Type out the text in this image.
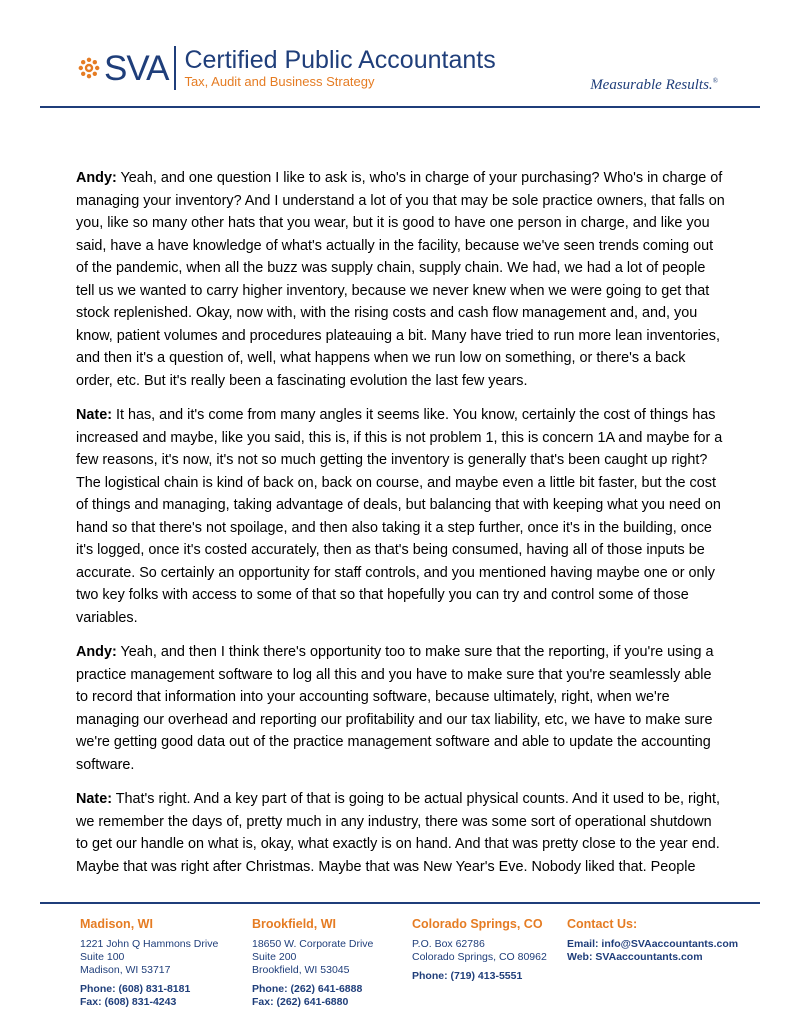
SVA Certified Public Accountants
Tax, Audit and Business Strategy	Measurable Results.®

Andy: Yeah, and one question I like to ask is, who's in charge of your purchasing? Who's in charge of managing your inventory? And I understand a lot of you that may be sole practice owners, that falls on you, like so many other hats that you wear, but it is good to have one person in charge, and like you said, have a have knowledge of what's actually in the facility, because we've seen trends coming out of the pandemic, when all the buzz was supply chain, supply chain. We had, we had a lot of people tell us we wanted to carry higher inventory, because we never knew when we were going to get that stock replenished. Okay, now with, with the rising costs and cash flow management and, and, you know, patient volumes and procedures plateauing a bit. Many have tried to run more lean inventories, and then it's a question of, well, what happens when we run low on something, or there's a back order, etc. But it's really been a fascinating evolution the last few years.

Nate: It has, and it's come from many angles it seems like. You know, certainly the cost of things has increased and maybe, like you said, this is, if this is not problem 1, this is concern 1A and maybe for a few reasons, it's now, it's not so much getting the inventory is generally that's been caught up right? The logistical chain is kind of back on, back on course, and maybe even a little bit faster, but the cost of things and managing, taking advantage of deals, but balancing that with keeping what you need on hand so that there's not spoilage, and then also taking it a step further, once it's in the building, once it's logged, once it's costed accurately, then as that's being consumed, having all of those inputs be accurate. So certainly an opportunity for staff controls, and you mentioned having maybe one or only two key folks with access to some of that so that hopefully you can try and control some of those variables.

Andy: Yeah, and then I think there's opportunity too to make sure that the reporting, if you're using a practice management software to log all this and you have to make sure that you're seamlessly able to record that information into your accounting software, because ultimately, right, when we're managing our overhead and reporting our profitability and our tax liability, etc, we have to make sure we're getting good data out of the practice management software and able to update the accounting software.

Nate: That's right. And a key part of that is going to be actual physical counts. And it used to be, right, we remember the days of, pretty much in any industry, there was some sort of operational shutdown to get our handle on what is, okay, what exactly is on hand. And that was pretty close to the year end. Maybe that was right after Christmas. Maybe that was New Year's Eve. Nobody liked that. People

Madison, WI
1221 John Q Hammons Drive
Suite 100
Madison, WI 53717
Phone: (608) 831-8181
Fax: (608) 831-4243
Brookfield, WI
18650 W. Corporate Drive
Suite 200
Brookfield, WI 53045
Phone: (262) 641-6888
Fax: (262) 641-6880
Colorado Springs, CO
P.O. Box 62786
Colorado Springs, CO 80962
Phone: (719) 413-5551
Contact Us:
Email: info@SVAaccountants.com
Web: SVAaccountants.com
